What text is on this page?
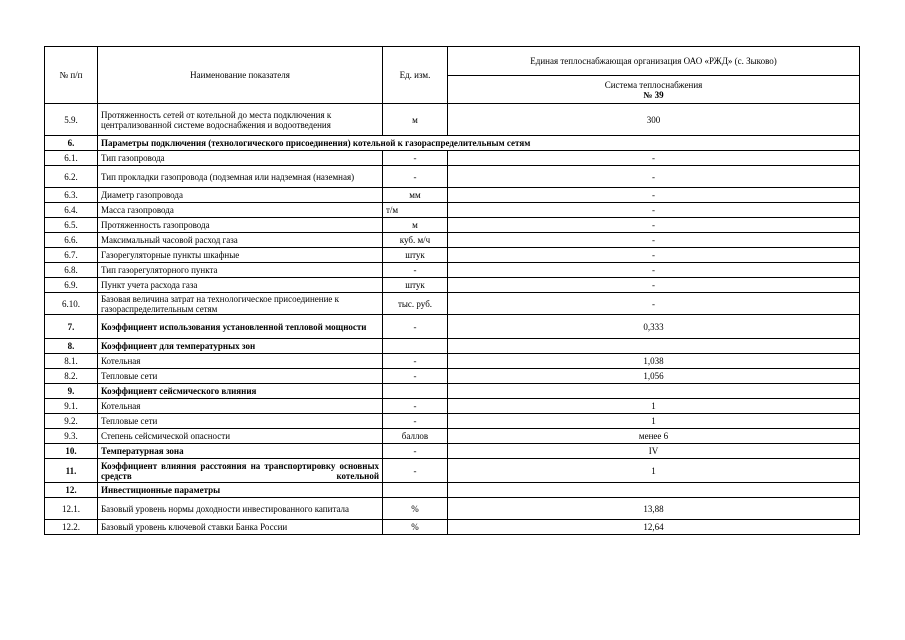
№ п/п	Наименование показателя	Ед. изм.	Единая теплоснабжающая организация ОАО «РЖД» (с. Зыково)
			Система теплоснабжения
№ 39

5.9.	Протяженность сетей от котельной до места подключения к централизованной системе водоснабжения и водоотведения	м	300
6.	Параметры подключения (технологического присоединения) котельной к газораспределительным сетям		
6.1.	Тип газопровода	-	-
6.2.	Тип прокладки газопровода (подземная или надземная (наземная)	-	-
6.3.	Диаметр газопровода	мм	-
6.4.	Масса газопровода	т/м	-
6.5.	Протяженность газопровода	м	-
6.6.	Максимальный часовой расход газа	куб. м/ч	-
6.7.	Газорегуляторные пункты шкафные	штук	-
6.8.	Тип газорегуляторного пункта	-	-
6.9.	Пункт учета расхода газа	штук	-
6.10.	Базовая величина затрат на технологическое присоединение к газораспределительным сетям	тыс. руб.	-
7.	Коэффициент использования установленной тепловой мощности	-	0,333
8.	Коэффициент для температурных зон		
8.1.	Котельная	-	1,038
8.2.	Тепловые сети	-	1,056
9.	Коэффициент сейсмического влияния		
9.1.	Котельная	-	1
9.2.	Тепловые сети	-	1
9.3.	Степень сейсмической опасности	баллов	менее 6
10.	Температурная зона	-	IV
11.	Коэффициент влияния расстояния на транспортировку основных средств котельной	-	1
12.	Инвестиционные параметры		
12.1.	Базовый уровень нормы доходности инвестированного капитала	%	13,88
12.2.	Базовый уровень ключевой ставки Банка России	%	12,64
